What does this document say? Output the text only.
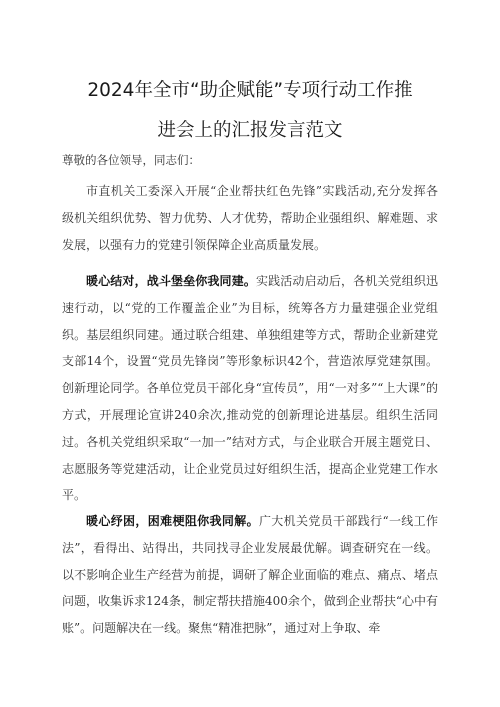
2024年全市“助企赋能”专项行动工作推
进会上的汇报发言范文
尊敬的各位领导，同志们：

市直机关工委深入开展“企业帮扶红色先锋”实践活动,充分发挥各级机关组织优势、智力优势、人才优势，帮助企业强组织、解难题、求发展，以强有力的党建引领保障企业高质量发展。

暖心结对，战斗堡垒你我同建。实践活动启动后，各机关党组织迅速行动，以“党的工作覆盖企业”为目标，统筹各方力量建强企业党组织。基层组织同建。通过联合组建、单独组建等方式，帮助企业新建党支部14个，设置“党员先锋岗”等形象标识42个，营造浓厚党建氛围。创新理论同学。各单位党员干部化身“宣传员”，用“一对多”“上大课”的方式，开展理论宣讲240余次,推动党的创新理论进基层。组织生活同过。各机关党组织采取“一加一”结对方式，与企业联合开展主题党日、志愿服务等党建活动，让企业党员过好组织生活，提高企业党建工作水平。

暖心纾困，困难梗阻你我同解。广大机关党员干部践行“一线工作法”，看得出、站得出，共同找寻企业发展最优解。调查研究在一线。以不影响企业生产经营为前提，调研了解企业面临的难点、痛点、堵点问题，收集诉求124条，制定帮扶措施400余个，做到企业帮扶“心中有账”。问题解决在一线。聚焦“精准把脉”，通过对上争取、牵
